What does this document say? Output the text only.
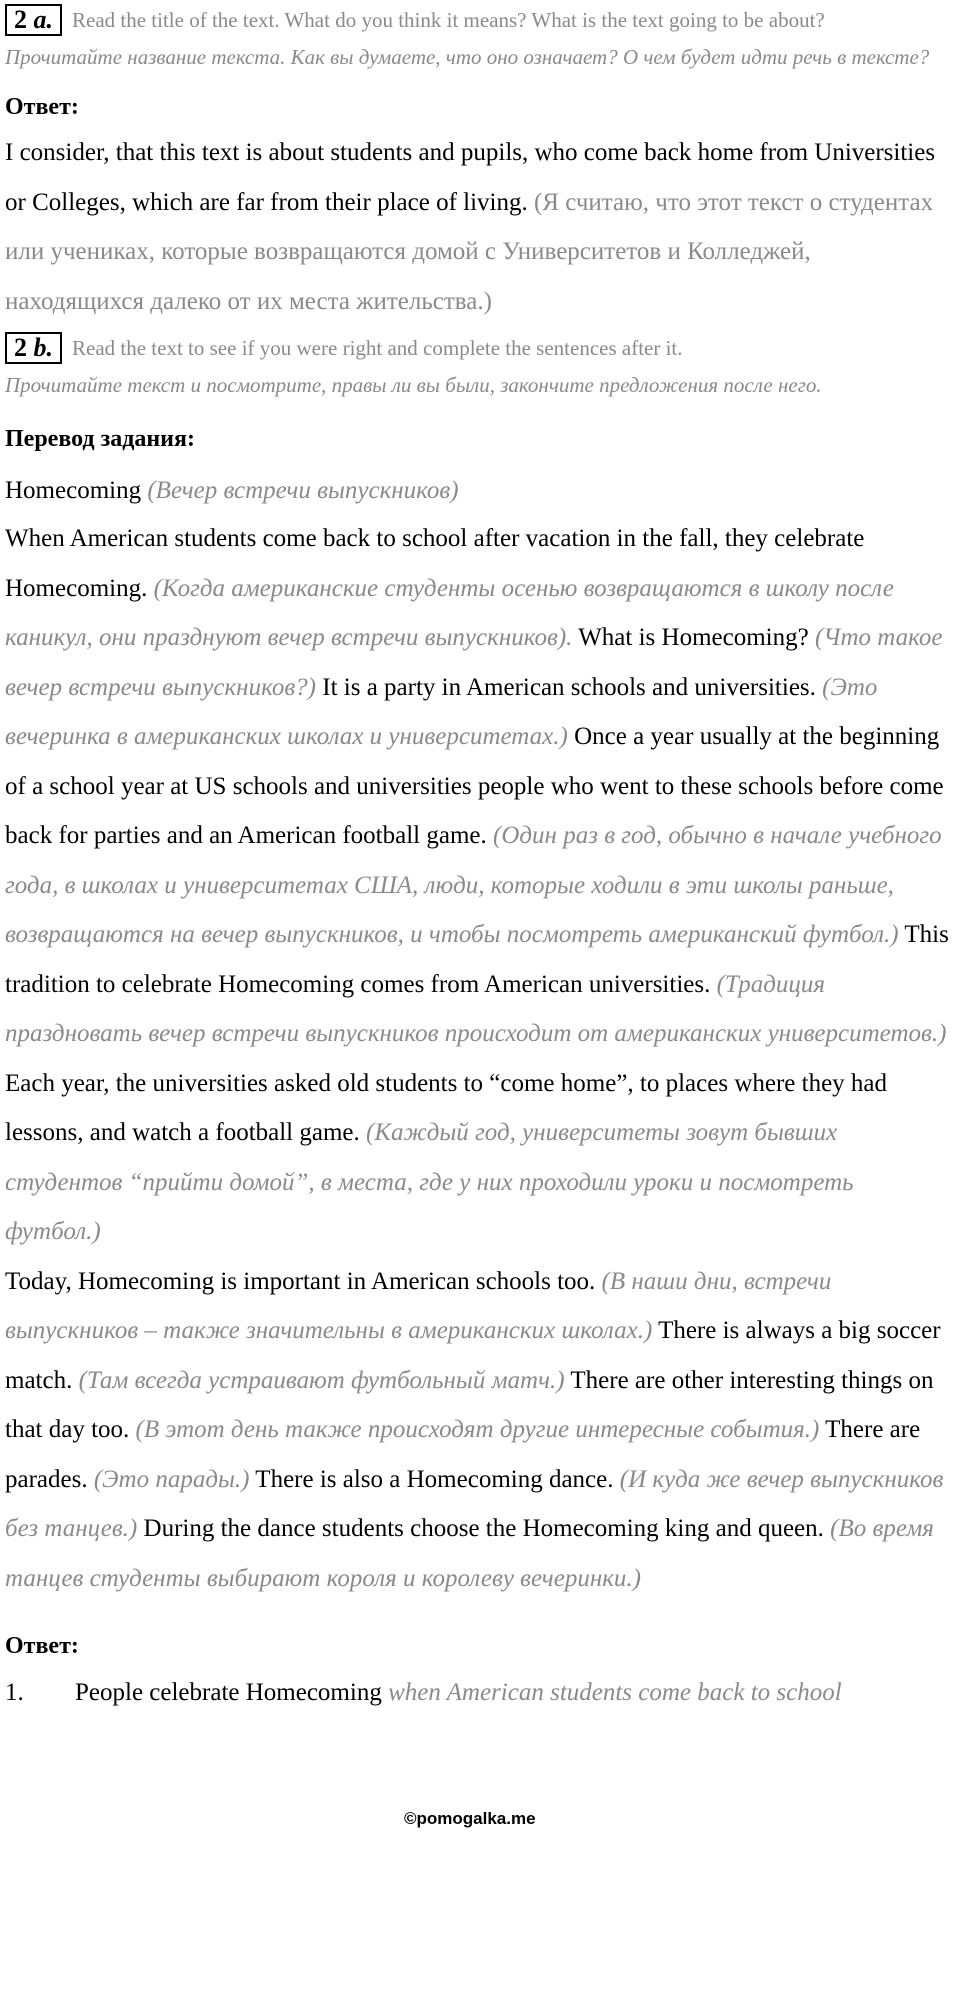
2 a. Read the title of the text. What do you think it means? What is the text going to be about?

Прочитайте название текста. Как вы думаете, что оно означает? О чем будет идти речь в тексте?

Ответ:

I consider, that this text is about students and pupils, who come back home from Universities or Colleges, which are far from their place of living. (Я считаю, что этот текст о студентах или учениках, которые возвращаются домой с Университетов и Колледжей, находящихся далеко от их места жительства.)

2 b. Read the text to see if you were right and complete the sentences after it.

Прочитайте текст и посмотрите, правы ли вы были, закончите предложения после него.

Перевод задания:

Homecoming (Вечер встречи выпускников)

When American students come back to school after vacation in the fall, they celebrate Homecoming. (Когда американские студенты осенью возвращаются в школу после каникул, они празднуют вечер встречи выпускников). What is Homecoming? (Что такое вечер встречи выпускников?) It is a party in American schools and universities. (Это вечеринка в американских школах и университетах.) Once a year usually at the beginning of a school year at US schools and universities people who went to these schools before come back for parties and an American football game. (Один раз в год, обычно в начале учебного года, в школах и университетах США, люди, которые ходили в эти школы раньше, возвращаются на вечер выпускников, и чтобы посмотреть американский футбол.) This tradition to celebrate Homecoming comes from American universities. (Традиция праздновать вечер встречи выпускников происходит от американских университетов.) Each year, the universities asked old students to “come home”, to places where they had lessons, and watch a football game. (Каждый год, университеты зовут бывших студентов “прийти домой”, в места, где у них проходили уроки и посмотреть футбол.)

Today, Homecoming is important in American schools too. (В наши дни, встречи выпускников – также значительны в американских школах.) There is always a big soccer match. (Там всегда устраивают футбольный матч.) There are other interesting things on that day too. (В этот день также происходят другие интересные события.) There are parades. (Это парады.) There is also a Homecoming dance. (И куда же вечер выпускников без танцев.) During the dance students choose the Homecoming king and queen. (Во время танцев студенты выбирают короля и королеву вечеринки.)

Ответ:
1.	People celebrate Homecoming when American students come back to school
©pomogalka.me
